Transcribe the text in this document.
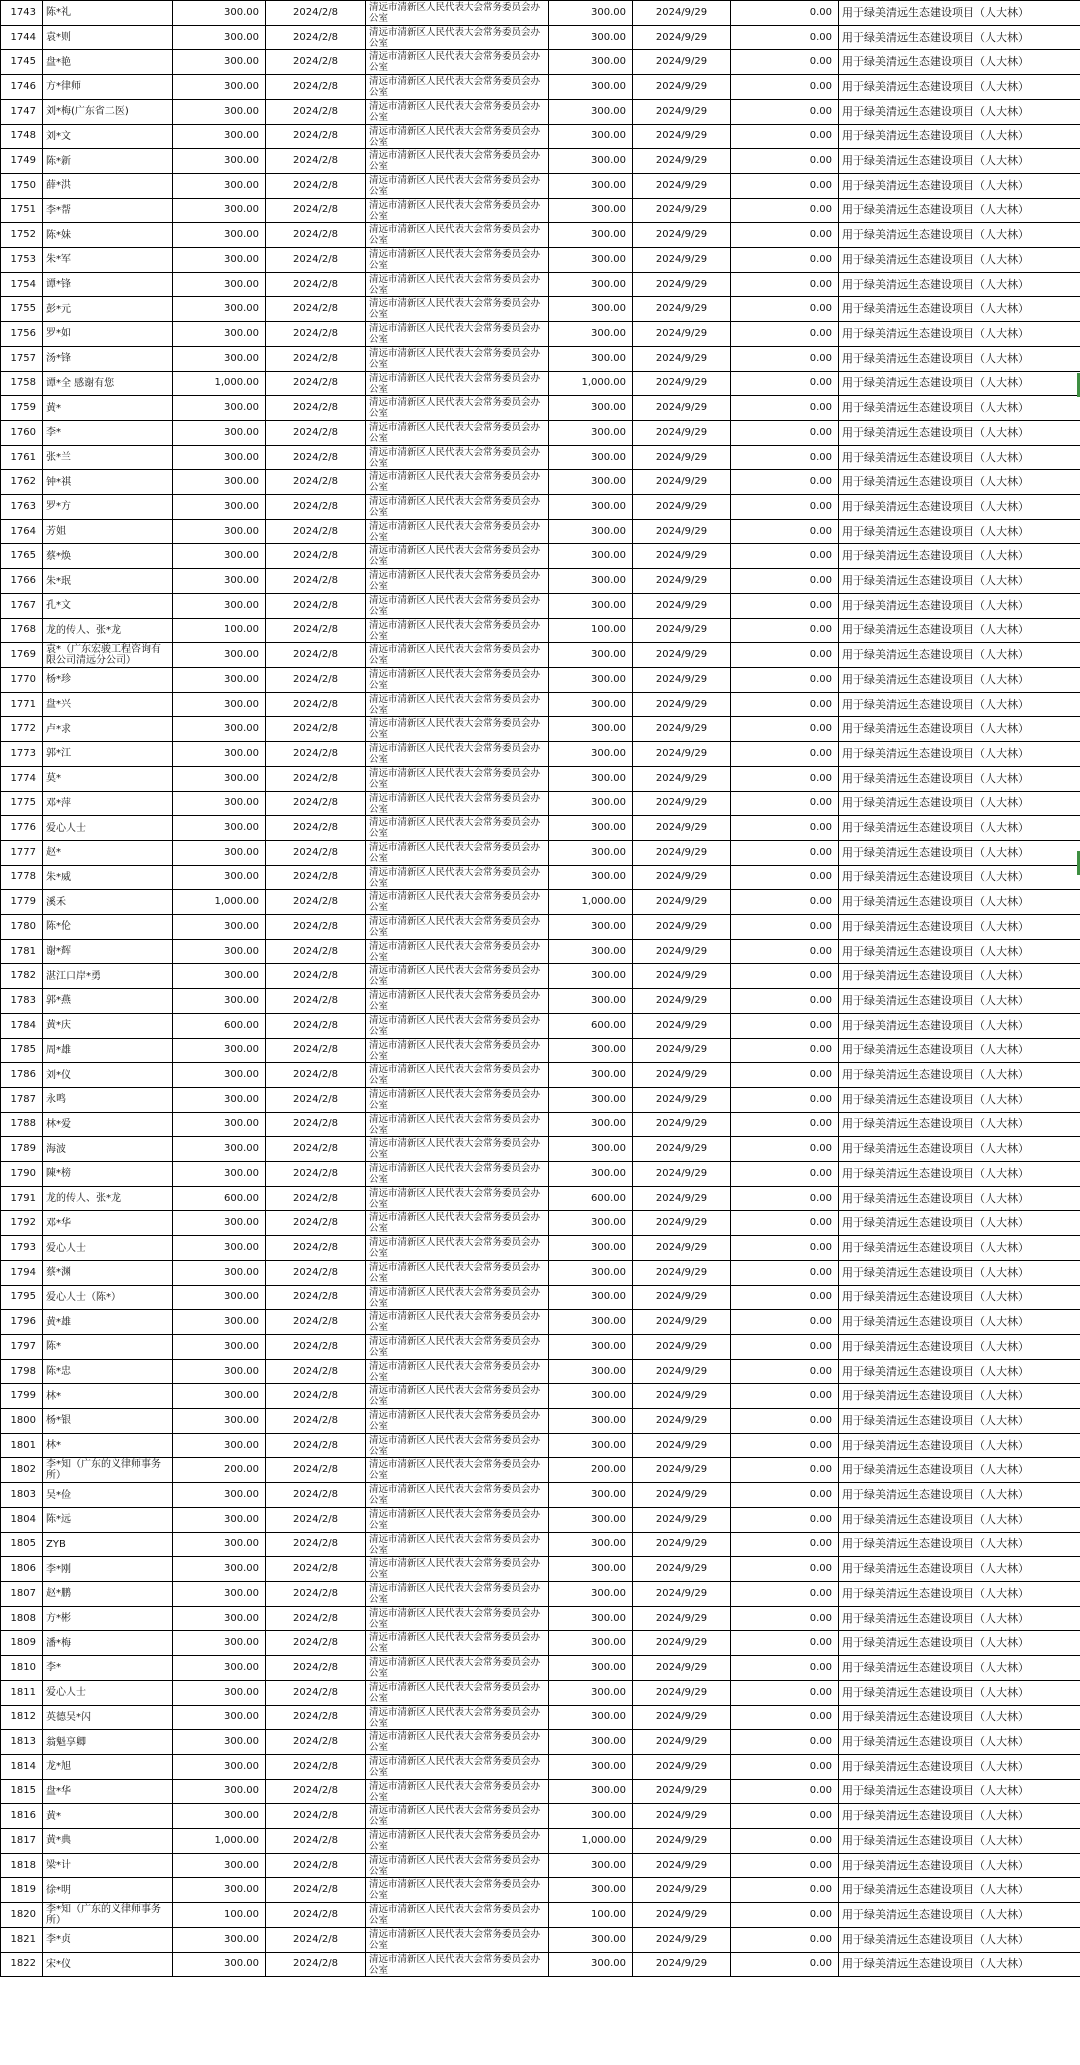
1743	陈*礼	300.00	2024/2/8	清远市清新区人民代表大会常务委员会办公室	300.00	2024/9/29	0.00	用于绿美清远生态建设项目（人大林）
1744	袁*则	300.00	2024/2/8	清远市清新区人民代表大会常务委员会办公室	300.00	2024/9/29	0.00	用于绿美清远生态建设项目（人大林）
1745	盘*艳	300.00	2024/2/8	清远市清新区人民代表大会常务委员会办公室	300.00	2024/9/29	0.00	用于绿美清远生态建设项目（人大林）
1746	方*律师	300.00	2024/2/8	清远市清新区人民代表大会常务委员会办公室	300.00	2024/9/29	0.00	用于绿美清远生态建设项目（人大林）
1747	刘*梅(广东省二医)	300.00	2024/2/8	清远市清新区人民代表大会常务委员会办公室	300.00	2024/9/29	0.00	用于绿美清远生态建设项目（人大林）
1748	刘*文	300.00	2024/2/8	清远市清新区人民代表大会常务委员会办公室	300.00	2024/9/29	0.00	用于绿美清远生态建设项目（人大林）
1749	陈*新	300.00	2024/2/8	清远市清新区人民代表大会常务委员会办公室	300.00	2024/9/29	0.00	用于绿美清远生态建设项目（人大林）
1750	薛*洪	300.00	2024/2/8	清远市清新区人民代表大会常务委员会办公室	300.00	2024/9/29	0.00	用于绿美清远生态建设项目（人大林）
1751	李*帮	300.00	2024/2/8	清远市清新区人民代表大会常务委员会办公室	300.00	2024/9/29	0.00	用于绿美清远生态建设项目（人大林）
1752	陈*妹	300.00	2024/2/8	清远市清新区人民代表大会常务委员会办公室	300.00	2024/9/29	0.00	用于绿美清远生态建设项目（人大林）
1753	朱*军	300.00	2024/2/8	清远市清新区人民代表大会常务委员会办公室	300.00	2024/9/29	0.00	用于绿美清远生态建设项目（人大林）
1754	谭*锋	300.00	2024/2/8	清远市清新区人民代表大会常务委员会办公室	300.00	2024/9/29	0.00	用于绿美清远生态建设项目（人大林）
1755	彭*元	300.00	2024/2/8	清远市清新区人民代表大会常务委员会办公室	300.00	2024/9/29	0.00	用于绿美清远生态建设项目（人大林）
1756	罗*如	300.00	2024/2/8	清远市清新区人民代表大会常务委员会办公室	300.00	2024/9/29	0.00	用于绿美清远生态建设项目（人大林）
1757	汤*锋	300.00	2024/2/8	清远市清新区人民代表大会常务委员会办公室	300.00	2024/9/29	0.00	用于绿美清远生态建设项目（人大林）
1758	谭*全 感谢有您	1,000.00	2024/2/8	清远市清新区人民代表大会常务委员会办公室	1,000.00	2024/9/29	0.00	用于绿美清远生态建设项目（人大林）
1759	黄*	300.00	2024/2/8	清远市清新区人民代表大会常务委员会办公室	300.00	2024/9/29	0.00	用于绿美清远生态建设项目（人大林）
1760	李*	300.00	2024/2/8	清远市清新区人民代表大会常务委员会办公室	300.00	2024/9/29	0.00	用于绿美清远生态建设项目（人大林）
1761	张*兰	300.00	2024/2/8	清远市清新区人民代表大会常务委员会办公室	300.00	2024/9/29	0.00	用于绿美清远生态建设项目（人大林）
1762	钟*祺	300.00	2024/2/8	清远市清新区人民代表大会常务委员会办公室	300.00	2024/9/29	0.00	用于绿美清远生态建设项目（人大林）
1763	罗*方	300.00	2024/2/8	清远市清新区人民代表大会常务委员会办公室	300.00	2024/9/29	0.00	用于绿美清远生态建设项目（人大林）
1764	芳姐	300.00	2024/2/8	清远市清新区人民代表大会常务委员会办公室	300.00	2024/9/29	0.00	用于绿美清远生态建设项目（人大林）
1765	蔡*焕	300.00	2024/2/8	清远市清新区人民代表大会常务委员会办公室	300.00	2024/9/29	0.00	用于绿美清远生态建设项目（人大林）
1766	朱*珉	300.00	2024/2/8	清远市清新区人民代表大会常务委员会办公室	300.00	2024/9/29	0.00	用于绿美清远生态建设项目（人大林）
1767	孔*文	300.00	2024/2/8	清远市清新区人民代表大会常务委员会办公室	300.00	2024/9/29	0.00	用于绿美清远生态建设项目（人大林）
1768	龙的传人、张*龙	100.00	2024/2/8	清远市清新区人民代表大会常务委员会办公室	100.00	2024/9/29	0.00	用于绿美清远生态建设项目（人大林）
1769	袁*（广东宏骏工程咨询有限公司清远分公司）	300.00	2024/2/8	清远市清新区人民代表大会常务委员会办公室	300.00	2024/9/29	0.00	用于绿美清远生态建设项目（人大林）
1770	杨*珍	300.00	2024/2/8	清远市清新区人民代表大会常务委员会办公室	300.00	2024/9/29	0.00	用于绿美清远生态建设项目（人大林）
1771	盘*兴	300.00	2024/2/8	清远市清新区人民代表大会常务委员会办公室	300.00	2024/9/29	0.00	用于绿美清远生态建设项目（人大林）
1772	卢*求	300.00	2024/2/8	清远市清新区人民代表大会常务委员会办公室	300.00	2024/9/29	0.00	用于绿美清远生态建设项目（人大林）
1773	郭*江	300.00	2024/2/8	清远市清新区人民代表大会常务委员会办公室	300.00	2024/9/29	0.00	用于绿美清远生态建设项目（人大林）
1774	莫*	300.00	2024/2/8	清远市清新区人民代表大会常务委员会办公室	300.00	2024/9/29	0.00	用于绿美清远生态建设项目（人大林）
1775	邓*萍	300.00	2024/2/8	清远市清新区人民代表大会常务委员会办公室	300.00	2024/9/29	0.00	用于绿美清远生态建设项目（人大林）
1776	爱心人士	300.00	2024/2/8	清远市清新区人民代表大会常务委员会办公室	300.00	2024/9/29	0.00	用于绿美清远生态建设项目（人大林）
1777	赵*	300.00	2024/2/8	清远市清新区人民代表大会常务委员会办公室	300.00	2024/9/29	0.00	用于绿美清远生态建设项目（人大林）
1778	朱*威	300.00	2024/2/8	清远市清新区人民代表大会常务委员会办公室	300.00	2024/9/29	0.00	用于绿美清远生态建设项目（人大林）
1779	溪禾	1,000.00	2024/2/8	清远市清新区人民代表大会常务委员会办公室	1,000.00	2024/9/29	0.00	用于绿美清远生态建设项目（人大林）
1780	陈*伦	300.00	2024/2/8	清远市清新区人民代表大会常务委员会办公室	300.00	2024/9/29	0.00	用于绿美清远生态建设项目（人大林）
1781	谢*辉	300.00	2024/2/8	清远市清新区人民代表大会常务委员会办公室	300.00	2024/9/29	0.00	用于绿美清远生态建设项目（人大林）
1782	湛江口岸*勇	300.00	2024/2/8	清远市清新区人民代表大会常务委员会办公室	300.00	2024/9/29	0.00	用于绿美清远生态建设项目（人大林）
1783	郭*燕	300.00	2024/2/8	清远市清新区人民代表大会常务委员会办公室	300.00	2024/9/29	0.00	用于绿美清远生态建设项目（人大林）
1784	黄*庆	600.00	2024/2/8	清远市清新区人民代表大会常务委员会办公室	600.00	2024/9/29	0.00	用于绿美清远生态建设项目（人大林）
1785	周*雄	300.00	2024/2/8	清远市清新区人民代表大会常务委员会办公室	300.00	2024/9/29	0.00	用于绿美清远生态建设项目（人大林）
1786	刘*仪	300.00	2024/2/8	清远市清新区人民代表大会常务委员会办公室	300.00	2024/9/29	0.00	用于绿美清远生态建设项目（人大林）
1787	永鸣	300.00	2024/2/8	清远市清新区人民代表大会常务委员会办公室	300.00	2024/9/29	0.00	用于绿美清远生态建设项目（人大林）
1788	林*爱	300.00	2024/2/8	清远市清新区人民代表大会常务委员会办公室	300.00	2024/9/29	0.00	用于绿美清远生态建设项目（人大林）
1789	海波	300.00	2024/2/8	清远市清新区人民代表大会常务委员会办公室	300.00	2024/9/29	0.00	用于绿美清远生态建设项目（人大林）
1790	陳*榜	300.00	2024/2/8	清远市清新区人民代表大会常务委员会办公室	300.00	2024/9/29	0.00	用于绿美清远生态建设项目（人大林）
1791	龙的传人、张*龙	600.00	2024/2/8	清远市清新区人民代表大会常务委员会办公室	600.00	2024/9/29	0.00	用于绿美清远生态建设项目（人大林）
1792	邓*华	300.00	2024/2/8	清远市清新区人民代表大会常务委员会办公室	300.00	2024/9/29	0.00	用于绿美清远生态建设项目（人大林）
1793	爱心人士	300.00	2024/2/8	清远市清新区人民代表大会常务委员会办公室	300.00	2024/9/29	0.00	用于绿美清远生态建设项目（人大林）
1794	蔡*渊	300.00	2024/2/8	清远市清新区人民代表大会常务委员会办公室	300.00	2024/9/29	0.00	用于绿美清远生态建设项目（人大林）
1795	爱心人士（陈*）	300.00	2024/2/8	清远市清新区人民代表大会常务委员会办公室	300.00	2024/9/29	0.00	用于绿美清远生态建设项目（人大林）
1796	黄*雄	300.00	2024/2/8	清远市清新区人民代表大会常务委员会办公室	300.00	2024/9/29	0.00	用于绿美清远生态建设项目（人大林）
1797	陈*	300.00	2024/2/8	清远市清新区人民代表大会常务委员会办公室	300.00	2024/9/29	0.00	用于绿美清远生态建设项目（人大林）
1798	陈*忠	300.00	2024/2/8	清远市清新区人民代表大会常务委员会办公室	300.00	2024/9/29	0.00	用于绿美清远生态建设项目（人大林）
1799	林*	300.00	2024/2/8	清远市清新区人民代表大会常务委员会办公室	300.00	2024/9/29	0.00	用于绿美清远生态建设项目（人大林）
1800	杨*银	300.00	2024/2/8	清远市清新区人民代表大会常务委员会办公室	300.00	2024/9/29	0.00	用于绿美清远生态建设项目（人大林）
1801	林*	300.00	2024/2/8	清远市清新区人民代表大会常务委员会办公室	300.00	2024/9/29	0.00	用于绿美清远生态建设项目（人大林）
1802	李*知（广东的义律师事务所）	200.00	2024/2/8	清远市清新区人民代表大会常务委员会办公室	200.00	2024/9/29	0.00	用于绿美清远生态建设项目（人大林）
1803	吴*俭	300.00	2024/2/8	清远市清新区人民代表大会常务委员会办公室	300.00	2024/9/29	0.00	用于绿美清远生态建设项目（人大林）
1804	陈*远	300.00	2024/2/8	清远市清新区人民代表大会常务委员会办公室	300.00	2024/9/29	0.00	用于绿美清远生态建设项目（人大林）
1805	ZYB	300.00	2024/2/8	清远市清新区人民代表大会常务委员会办公室	300.00	2024/9/29	0.00	用于绿美清远生态建设项目（人大林）
1806	李*刚	300.00	2024/2/8	清远市清新区人民代表大会常务委员会办公室	300.00	2024/9/29	0.00	用于绿美清远生态建设项目（人大林）
1807	赵*鹏	300.00	2024/2/8	清远市清新区人民代表大会常务委员会办公室	300.00	2024/9/29	0.00	用于绿美清远生态建设项目（人大林）
1808	方*彬	300.00	2024/2/8	清远市清新区人民代表大会常务委员会办公室	300.00	2024/9/29	0.00	用于绿美清远生态建设项目（人大林）
1809	潘*梅	300.00	2024/2/8	清远市清新区人民代表大会常务委员会办公室	300.00	2024/9/29	0.00	用于绿美清远生态建设项目（人大林）
1810	李*	300.00	2024/2/8	清远市清新区人民代表大会常务委员会办公室	300.00	2024/9/29	0.00	用于绿美清远生态建设项目（人大林）
1811	爱心人士	300.00	2024/2/8	清远市清新区人民代表大会常务委员会办公室	300.00	2024/9/29	0.00	用于绿美清远生态建设项目（人大林）
1812	英德吴*闪	300.00	2024/2/8	清远市清新区人民代表大会常务委员会办公室	300.00	2024/9/29	0.00	用于绿美清远生态建设项目（人大林）
1813	翁魁享卿	300.00	2024/2/8	清远市清新区人民代表大会常务委员会办公室	300.00	2024/9/29	0.00	用于绿美清远生态建设项目（人大林）
1814	龙*旭	300.00	2024/2/8	清远市清新区人民代表大会常务委员会办公室	300.00	2024/9/29	0.00	用于绿美清远生态建设项目（人大林）
1815	盘*华	300.00	2024/2/8	清远市清新区人民代表大会常务委员会办公室	300.00	2024/9/29	0.00	用于绿美清远生态建设项目（人大林）
1816	黄*	300.00	2024/2/8	清远市清新区人民代表大会常务委员会办公室	300.00	2024/9/29	0.00	用于绿美清远生态建设项目（人大林）
1817	黄*典	1,000.00	2024/2/8	清远市清新区人民代表大会常务委员会办公室	1,000.00	2024/9/29	0.00	用于绿美清远生态建设项目（人大林）
1818	梁*计	300.00	2024/2/8	清远市清新区人民代表大会常务委员会办公室	300.00	2024/9/29	0.00	用于绿美清远生态建设项目（人大林）
1819	徐*明	300.00	2024/2/8	清远市清新区人民代表大会常务委员会办公室	300.00	2024/9/29	0.00	用于绿美清远生态建设项目（人大林）
1820	李*知（广东的义律师事务所）	100.00	2024/2/8	清远市清新区人民代表大会常务委员会办公室	100.00	2024/9/29	0.00	用于绿美清远生态建设项目（人大林）
1821	李*贞	300.00	2024/2/8	清远市清新区人民代表大会常务委员会办公室	300.00	2024/9/29	0.00	用于绿美清远生态建设项目（人大林）
1822	宋*仪	300.00	2024/2/8	清远市清新区人民代表大会常务委员会办公室	300.00	2024/9/29	0.00	用于绿美清远生态建设项目（人大林）
